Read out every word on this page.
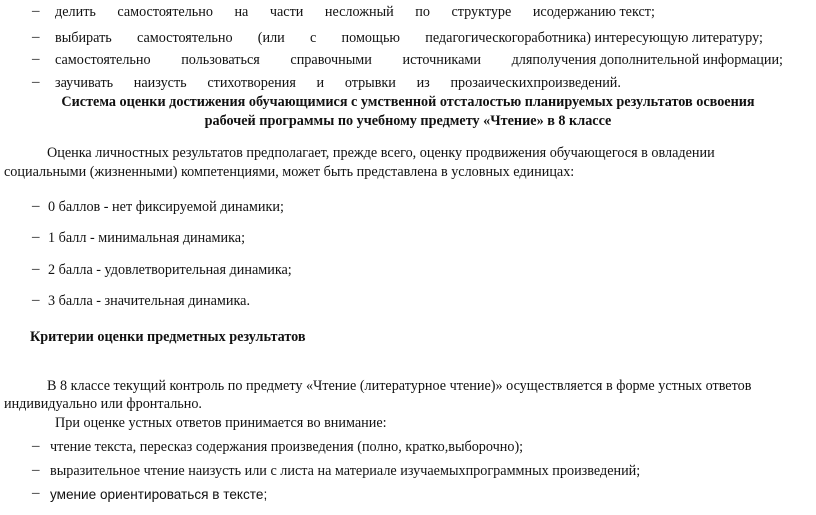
– делить самостоятельно на части несложный по структуре исодержанию текст;
– выбирать самостоятельно (или с помощью педагогическогоработника) интересующую литературу;
– самостоятельно пользоваться справочными источниками дляполучения дополнительной информации;
– заучивать наизусть стихотворения и отрывки из прозаическихпроизведений.
Система оценки достижения обучающимися с умственной отсталостью планируемых результатов освоения
рабочей программы по учебному предмету «Чтение» в 8 классе
Оценка личностных результатов предполагает, прежде всего, оценку продвижения обучающегося в овладении
социальными (жизненными) компетенциями, может быть представлена в условных единицах:
– 0 баллов - нет фиксируемой динамики;
– 1 балл - минимальная динамика;
– 2 балла - удовлетворительная динамика;
– 3 балла - значительная динамика.
Критерии оценки предметных результатов
В 8 классе текущий контроль по предмету «Чтение (литературное чтение)» осуществляется в форме устных ответов
индивидуально или фронтально.
При оценке устных ответов принимается во внимание:
– чтение текста, пересказ содержания произведения (полно, кратко,выборочно);
– выразительное чтение наизусть или с листа на материале изучаемыхпрограммных произведений;
– умение ориентироваться в тексте;
